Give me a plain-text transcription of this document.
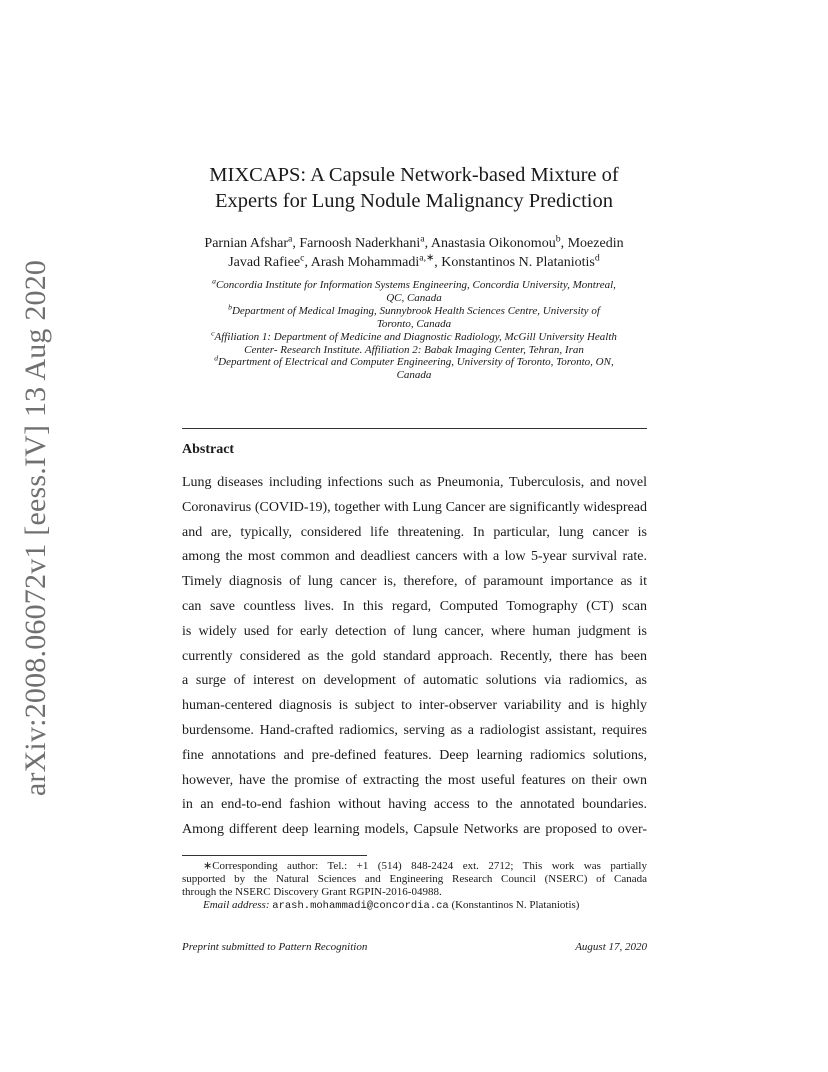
arXiv:2008.06072v1 [eess.IV] 13 Aug 2020
MIXCAPS: A Capsule Network-based Mixture of
Experts for Lung Nodule Malignancy Prediction
Parnian Afshar$^a$, Farnoosh Naderkhani$^a$, Anastasia Oikonomou$^b$, Moezedin
Javad Rafiee$^c$, Arash Mohammadi$^{a,∗}$, Konstantinos N. Plataniotis$^d$
$^a$Concordia Institute for Information Systems Engineering, Concordia University, Montreal,
QC, Canada
$^b$Department of Medical Imaging, Sunnybrook Health Sciences Centre, University of
Toronto, Canada
$^c$Affiliation 1: Department of Medicine and Diagnostic Radiology, McGill University Health
Center- Research Institute. Affiliation 2: Babak Imaging Center, Tehran, Iran
$^d$Department of Electrical and Computer Engineering, University of Toronto, Toronto, ON,
Canada
Abstract
Lung diseases including infections such as Pneumonia, Tuberculosis, and novel
Coronavirus (COVID-19), together with Lung Cancer are significantly widespread
and are, typically, considered life threatening. In particular, lung cancer is
among the most common and deadliest cancers with a low 5-year survival rate.
Timely diagnosis of lung cancer is, therefore, of paramount importance as it
can save countless lives. In this regard, Computed Tomography (CT) scan
is widely used for early detection of lung cancer, where human judgment is
currently considered as the gold standard approach. Recently, there has been
a surge of interest on development of automatic solutions via radiomics, as
human-centered diagnosis is subject to inter-observer variability and is highly
burdensome. Hand-crafted radiomics, serving as a radiologist assistant, requires
fine annotations and pre-defined features. Deep learning radiomics solutions,
however, have the promise of extracting the most useful features on their own
in an end-to-end fashion without having access to the annotated boundaries.
Among different deep learning models, Capsule Networks are proposed to over-
∗Corresponding author: Tel.: +1 (514) 848-2424 ext. 2712; This work was partially
supported by the Natural Sciences and Engineering Research Council (NSERC) of Canada
through the NSERC Discovery Grant RGPIN-2016-04988.
Email address: arash.mohammadi@concordia.ca (Konstantinos N. Plataniotis)
Preprint submitted to Pattern Recognition	August 17, 2020
